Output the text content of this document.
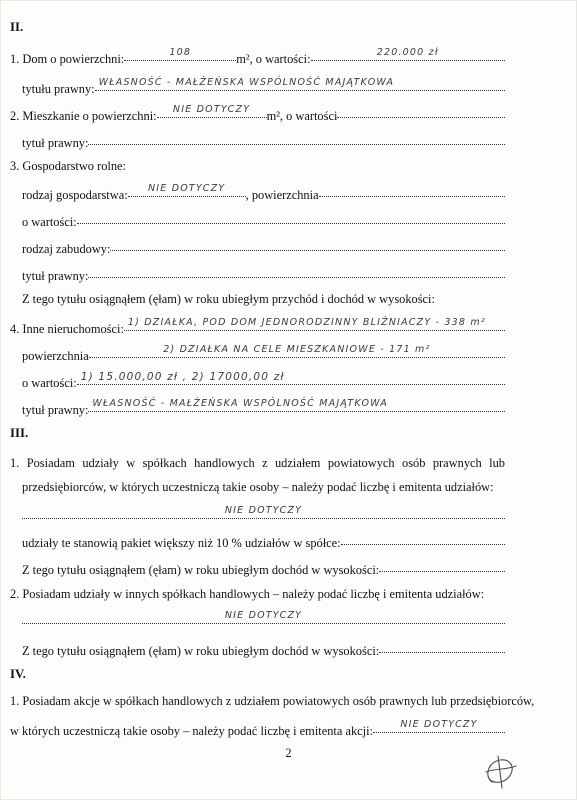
II.
1. Dom o powierzchni:	108	m², o wartości:	220.000 zł
tytułu prawny: WŁASNOŚĆ - MAŁŻEŃSKA WSPÓLNOŚĆ MAJĄTKOWA
2. Mieszkanie o powierzchni:	NIE DOTYCZY	m², o wartości
tytuł prawny:
3. Gospodarstwo rolne:
rodzaj gospodarstwa:	NIE DOTYCZY	, powierzchnia
o wartości:
rodzaj zabudowy:
tytuł prawny:
Z tego tytułu osiągnąłem (ęłam) w roku ubiegłym przychód i dochód w wysokości:
4. Inne nieruchomości: 1) DZIAŁKA, POD DOM JEDNORODZINNY BLIŹNIACZY - 338 m²
powierzchnia	2) DZIAŁKA NA CELE MIESZKANIOWE - 171 m²
o wartości: 1) 15.000,00 zł , 2) 17000,00 zł
tytuł prawny: WŁASNOŚĆ - MAŁŻEŃSKA WSPÓLNOŚĆ MAJĄTKOWA
III.
1. Posiadam udziały w spółkach handlowych z udziałem powiatowych osób prawnych lub
przedsiębiorców, w których uczestniczą takie osoby – należy podać liczbę i emitenta udziałów:
NIE DOTYCZY
udziały te stanowią pakiet większy niż 10 % udziałów w spółce:
Z tego tytułu osiągnąłem (ęłam) w roku ubiegłym dochód w wysokości:
2. Posiadam udziały w innych spółkach handlowych – należy podać liczbę i emitenta udziałów:
NIE DOTYCZY
Z tego tytułu osiągnąłem (ęłam) w roku ubiegłym dochód w wysokości:
IV.
1. Posiadam akcje w spółkach handlowych z udziałem powiatowych osób prawnych lub przedsiębiorców,
w których uczestniczą takie osoby – należy podać liczbę i emitenta akcji:	NIE DOTYCZY
2
